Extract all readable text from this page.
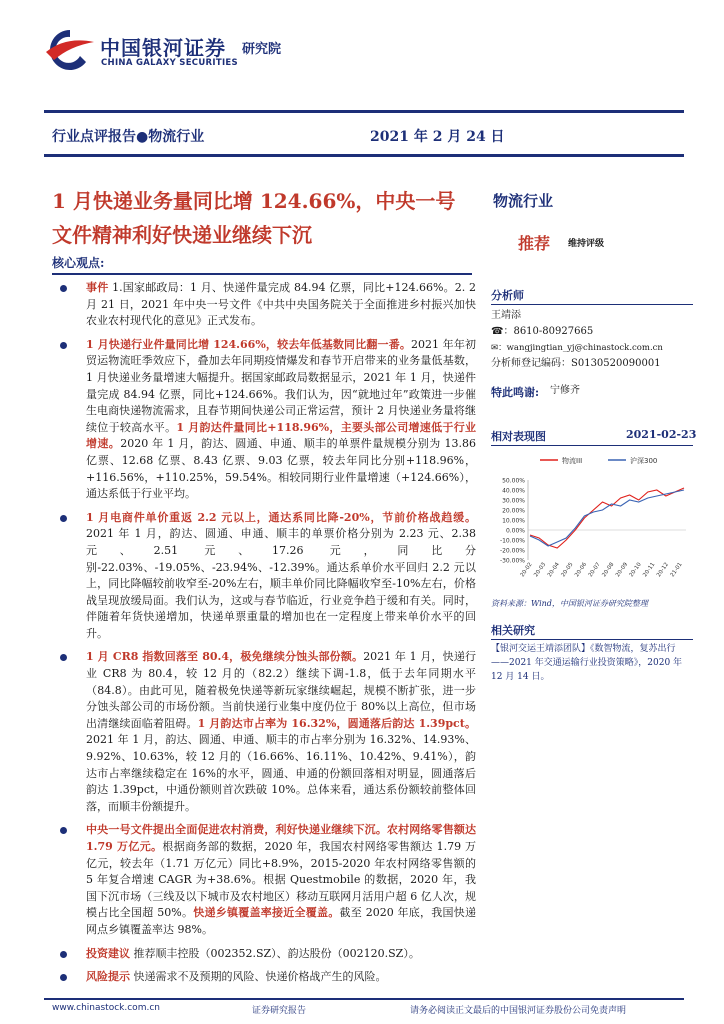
中国银河证券
CHINA GALAXY SECURITIES
研究院
行业点评报告●物流行业	2021 年 2 月 24 日
1 月快递业务量同比增 124.66%，中央一号文件精神利好快递业继续下沉
物流行业
推荐 维持评级
核心观点:
事件 1.国家邮政局：1 月、快递件量完成 84.94 亿票，同比+124.66%。2. 2 月 21 日，2021 年中央一号文件《中共中央国务院关于全面推进乡村振兴加快农业农村现代化的意见》正式发布。
1 月快递行业件量同比增 124.66%，较去年低基数同比翻一番。2021 年年初贸运物流旺季效应下，叠加去年同期疫情爆发和春节开启带来的业务量低基数，1 月快递业务量增速大幅提升。据国家邮政局数据显示，2021 年 1 月，快递件量完成 84.94 亿票，同比+124.66%。我们认为，因“就地过年”政策进一步催生电商快递物流需求，且春节期间快递公司正常运营，预计 2 月快递业务量将继续位于较高水平。1 月韵达件量同比+118.96%，主要头部公司增速低于行业增速。2020 年 1 月，韵达、圆通、申通、顺丰的单票件量规模分别为 13.86 亿票、12.68 亿票、8.43 亿票、9.03 亿票，较去年同比分别+118.96%，+116.56%，+110.25%，59.54%。相较同期行业件量增速（+124.66%），通达系低于行业平均。
1 月电商件单价重返 2.2 元以上，通达系同比降-20%，节前价格战趋缓。2021 年 1 月，韵达、圆通、申通、顺丰的单票价格分别为 2.23 元、2.38 元、2.51 元、17.26 元，同比分别-22.03%、-19.05%、-23.94%、-12.39%。通达系单价水平回归 2.2 元以上，同比降幅较前收窄至-20%左右，顺丰单价同比降幅收窄至-10%左右，价格战呈现放缓局面。我们认为，这或与春节临近，行业竞争趋于缓和有关。同时，伴随着年货快递增加，快递单票重量的增加也在一定程度上带来单价水平的回升。
1 月 CR8 指数回落至 80.4，极免继续分蚀头部份额。2021 年 1 月，快递行业 CR8 为 80.4，较 12 月的（82.2）继续下调-1.8，低于去年同期水平（84.8）。由此可见，随着极免快递等新玩家继续崛起，规模不断扩张，进一步分蚀头部公司的市场份额。当前快递行业集中度仍位于 80%以上高位，但市场出清继续面临着阻碍。1 月韵达市占率为 16.32%，圆通落后韵达 1.39pct。2021 年 1 月，韵达、圆通、申通、顺丰的市占率分别为 16.32%、14.93%、9.92%、10.63%，较 12 月的（16.66%、16.11%、10.42%、9.41%），韵达市占率继续稳定在 16%的水平，圆通、申通的份额回落相对明显，圆通落后韵达 1.39pct，中通份额则首次跌破 10%。总体来看，通达系份额较前整体回落，而顺丰份额提升。
中央一号文件提出全面促进农村消费，利好快递业继续下沉。农村网络零售额达 1.79 万亿元。根据商务部的数据，2020 年，我国农村网络零售额达 1.79 万亿元，较去年（1.71 万亿元）同比+8.9%，2015-2020 年农村网络零售额的 5 年复合增速 CAGR 为+38.6%。根据 Questmobile 的数据，2020 年，我国下沉市场（三线及以下城市及农村地区）移动互联网月活用户超 6 亿人次，规模占比全国超 50%。快递乡镇覆盖率接近全覆盖。截至 2020 年底，我国快递网点乡镇覆盖率达 98%。
投资建议 推荐顺丰控股（002352.SZ）、韵达股份（002120.SZ）。
风险提示 快递需求不及预期的风险、快递价格战产生的风险。
分析师
王靖添
☎：8610-80927665
✉：wangjingtian_yj@chinastock.com.cn
分析师登记编码：S0130520090001
特此鸣谢: 宁修齐
相对表现图	2021-02-23
物流III	沪深300
50.00%
40.00%
30.00%
20.00%
10.00%
0.00%
-10.00%
-20.00%
-30.00%
20-02 20-03 20-04 20-05 20-06 20-07 20-08 20-09 20-10 20-11 20-12 21-01
资料来源：Wind，中国银河证券研究院整理
相关研究
【银河交运王靖添团队】《数智物流，复苏出行——2021 年交通运输行业投资策略》，2020 年 12 月 14 日。
www.chinastock.com.cn	证券研究报告	请务必阅读正文最后的中国银河证券股份公司免责声明
